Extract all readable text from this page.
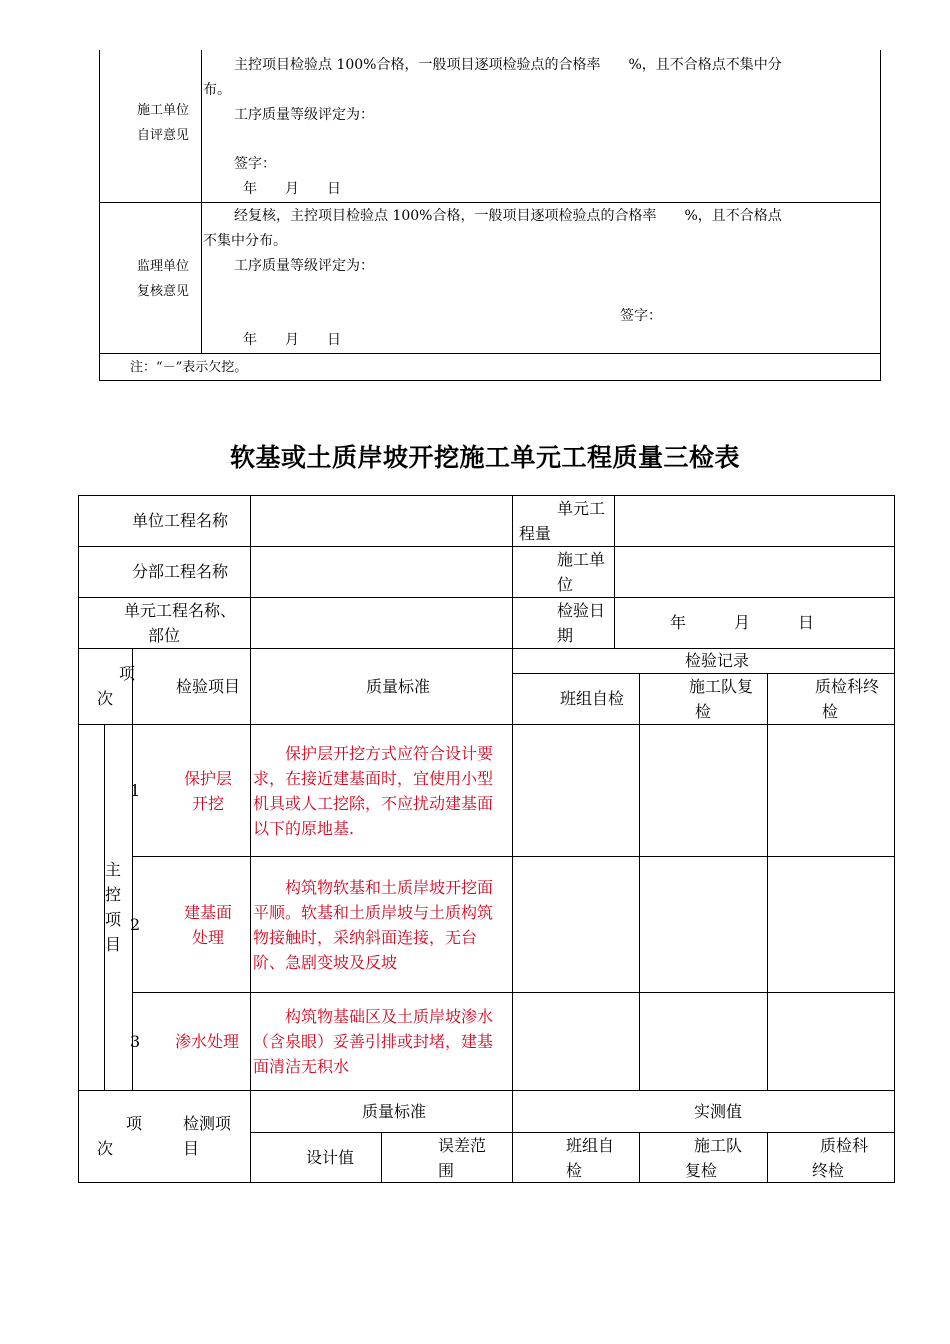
施工单位
自评意见
主控项目检验点 100%合格，一般项目逐项检验点的合格率　　%，且不合格点不集中分
布。
工序质量等级评定为：
签字：
年　　月　　日
监理单位
复核意见
经复核，主控项目检验点 100%合格，一般项目逐项检验点的合格率　　%，且不合格点
不集中分布。
工序质量等级评定为：
签字：
年　　月　　日
注：“－”表示欠挖。
软基或土质岸坡开挖施工单元工程质量三检表
单位工程名称
单元工
程量
分部工程名称
施工单
位
单元工程名称、
部位
检验日
期
年　　　月　　　日
项
次
检验项目	质量标准
检验记录
班组自检
施工队复
检
质检科终
检
主
控
项
目
1
保护层
开挖
　　保护层开挖方式应符合设计要
求，在接近建基面时，宜使用小型
机具或人工挖除，不应扰动建基面
以下的原地基.
2
建基面
处理
　　构筑物软基和土质岸坡开挖面
平顺。软基和土质岸坡与土质构筑
物接触时，采纳斜面连接，无台
阶、急剧变坡及反坡
3 渗水处理
　　构筑物基础区及土质岸坡渗水
（含泉眼）妥善引排或封堵，建基
面清洁无积水
项
次
检测项
目
质量标准	实测值
设计值
误差范
围
班组自
检
施工队
复检
质检科
终检
